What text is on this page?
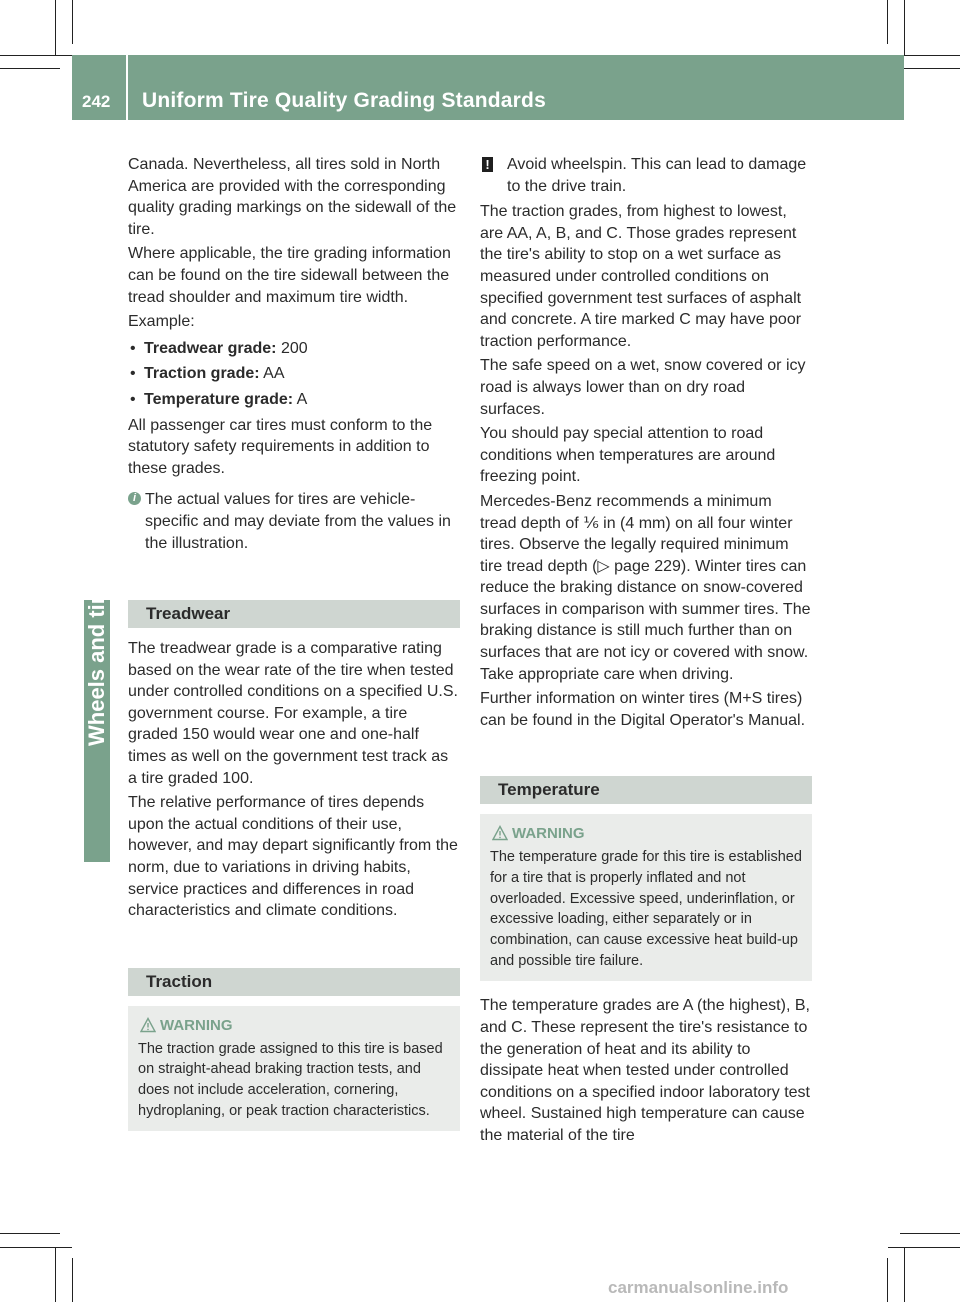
242	Uniform Tire Quality Grading Standards
Wheels and tires

Canada. Nevertheless, all tires sold in North America are provided with the corresponding quality grading markings on the sidewall of the tire.

Where applicable, the tire grading information can be found on the tire sidewall between the tread shoulder and maximum tire width.

Example:

• Treadwear grade: 200
• Traction grade: AA
• Temperature grade: A

All passenger car tires must conform to the statutory safety requirements in addition to these grades.

i The actual values for tires are vehicle-specific and may deviate from the values in the illustration.
Treadwear

The treadwear grade is a comparative rating based on the wear rate of the tire when tested under controlled conditions on a specified U.S. government course. For example, a tire graded 150 would wear one and one-half times as well on the government test track as a tire graded 100.

The relative performance of tires depends upon the actual conditions of their use, however, and may depart significantly from the norm, due to variations in driving habits, service practices and differences in road characteristics and climate conditions.

Traction
WARNING
The traction grade assigned to this tire is based on straight-ahead braking traction tests, and does not include acceleration, cornering, hydroplaning, or peak traction characteristics.
! Avoid wheelspin. This can lead to damage to the drive train.

The traction grades, from highest to lowest, are AA, A, B, and C. Those grades represent the tire's ability to stop on a wet surface as measured under controlled conditions on specified government test surfaces of asphalt and concrete. A tire marked C may have poor traction performance.

The safe speed on a wet, snow covered or icy road is always lower than on dry road surfaces.

You should pay special attention to road conditions when temperatures are around freezing point.

Mercedes-Benz recommends a minimum tread depth of ⅙ in (4 mm) on all four winter tires. Observe the legally required minimum tire tread depth (▷ page 229). Winter tires can reduce the braking distance on snow-covered surfaces in comparison with summer tires. The braking distance is still much further than on surfaces that are not icy or covered with snow. Take appropriate care when driving.

Further information on winter tires (M+S tires) can be found in the Digital Operator's Manual.

Temperature
WARNING
The temperature grade for this tire is established for a tire that is properly inflated and not overloaded. Excessive speed, underinflation, or excessive loading, either separately or in combination, can cause excessive heat build-up and possible tire failure.

The temperature grades are A (the highest), B, and C. These represent the tire's resistance to the generation of heat and its ability to dissipate heat when tested under controlled conditions on a specified indoor laboratory test wheel. Sustained high temperature can cause the material of the tire

carmanualsonline.info
